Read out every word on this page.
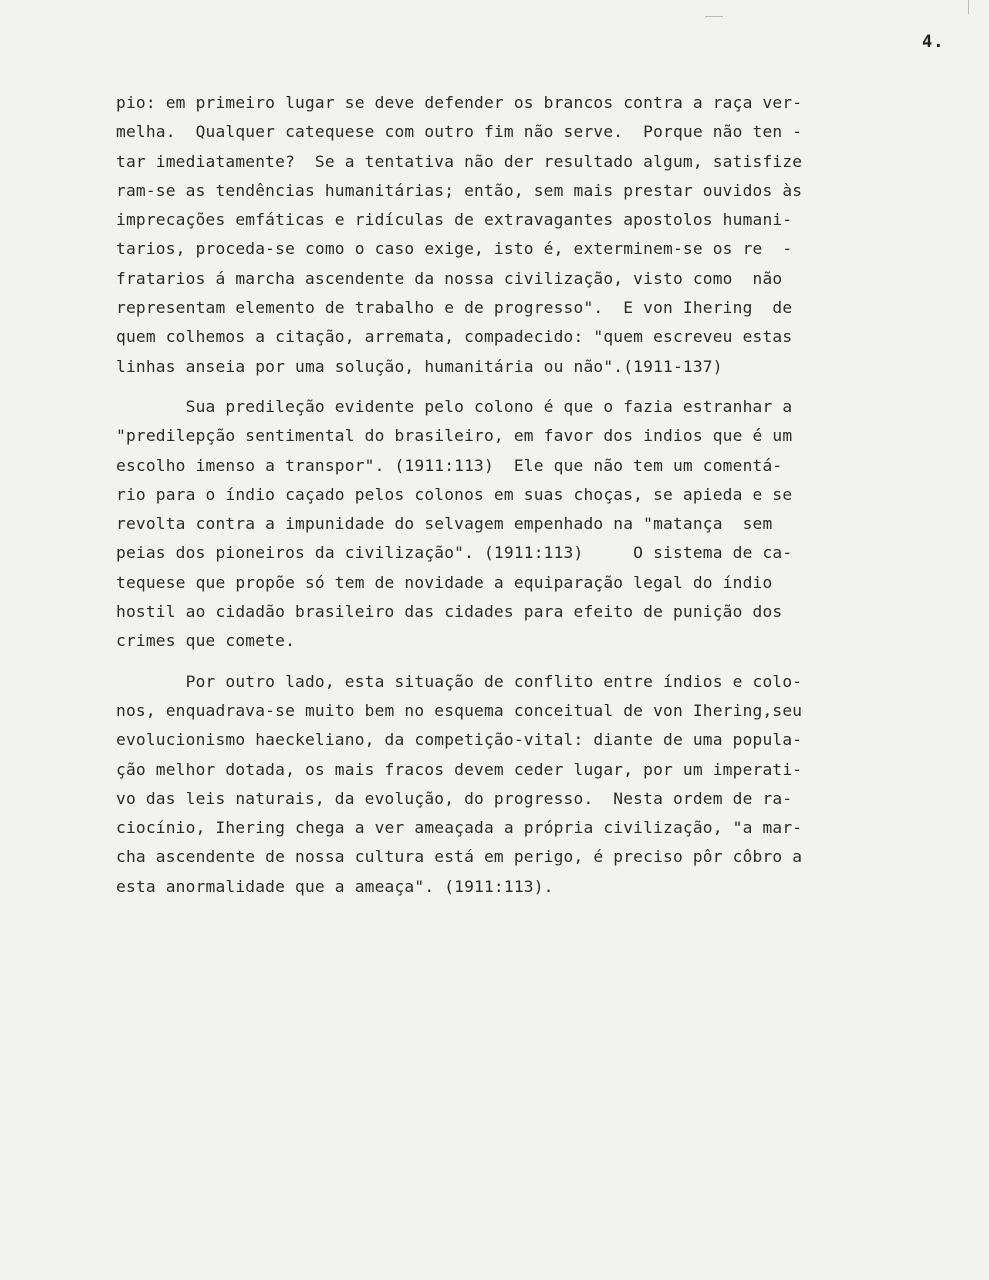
4.
pio: em primeiro lugar se deve defender os brancos contra a raça ver-
melha.  Qualquer catequese com outro fim não serve.  Porque não ten -
tar imediatamente?  Se a tentativa não der resultado algum, satisfize
ram-se as tendências humanitárias; então, sem mais prestar ouvidos às
imprecações emfáticas e ridículas de extravagantes apostolos humani-
tarios, proceda-se como o caso exige, isto é, exterminem-se os re  -
fratarios á marcha ascendente da nossa civilização, visto como  não
representam elemento de trabalho e de progresso".  E von Ihering  de
quem colhemos a citação, arremata, compadecido: "quem escreveu estas
linhas anseia por uma solução, humanitária ou não".(1911-137)
Sua predileção evidente pelo colono é que o fazia estranhar a
"predilepção sentimental do brasileiro, em favor dos indios que é um
escolho imenso a transpor". (1911:113)  Ele que não tem um comentá-
rio para o índio caçado pelos colonos em suas choças, se apieda e se
revolta contra a impunidade do selvagem empenhado na "matança  sem
peias dos pioneiros da civilização". (1911:113)     O sistema de ca-
tequese que propõe só tem de novidade a equiparação legal do índio
hostil ao cidadão brasileiro das cidades para efeito de punição dos
crimes que comete.
Por outro lado, esta situação de conflito entre índios e colo-
nos, enquadrava-se muito bem no esquema conceitual de von Ihering,seu
evolucionismo haeckeliano, da competição-vital: diante de uma popula-
ção melhor dotada, os mais fracos devem ceder lugar, por um imperati-
vo das leis naturais, da evolução, do progresso.  Nesta ordem de ra-
ciocínio, Ihering chega a ver ameaçada a própria civilização, "a mar-
cha ascendente de nossa cultura está em perigo, é preciso pôr côbro a
esta anormalidade que a ameaça". (1911:113).
